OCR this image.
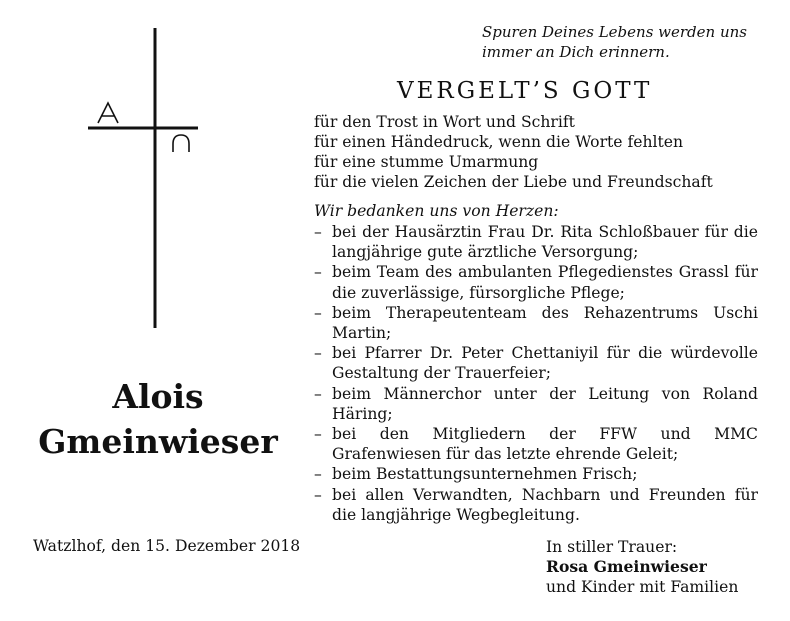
Spuren Deines Lebens werden uns
immer an Dich erinnern.
VERGELT’S GOTT
für den Trost in Wort und Schrift
für einen Händedruck, wenn die Worte fehlten
für eine stumme Umarmung
für die vielen Zeichen der Liebe und Freundschaft
Wir bedanken uns von Herzen:
– bei der Hausärztin Frau Dr. Rita Schloßbauer für die langjährige gute ärztliche Versorgung;
– beim Team des ambulanten Pflegedienstes Grassl für die zuverlässige, fürsorgliche Pflege;
– beim Therapeutenteam des Rehazentrums Uschi Martin;
– bei Pfarrer Dr. Peter Chettaniyil für die würdevolle Gestaltung der Trauerfeier;
– beim Männerchor unter der Leitung von Roland Häring;
– bei den Mitgliedern der FFW und MMC Grafenwiesen für das letzte ehrende Geleit;
– beim Bestattungsunternehmen Frisch;
– bei allen Verwandten, Nachbarn und Freunden für die langjährige Wegbegleitung.
Alois
Gmeinwieser
Watzlhof, den 15. Dezember 2018	In stiller Trauer:
Rosa Gmeinwieser
und Kinder mit Familien
